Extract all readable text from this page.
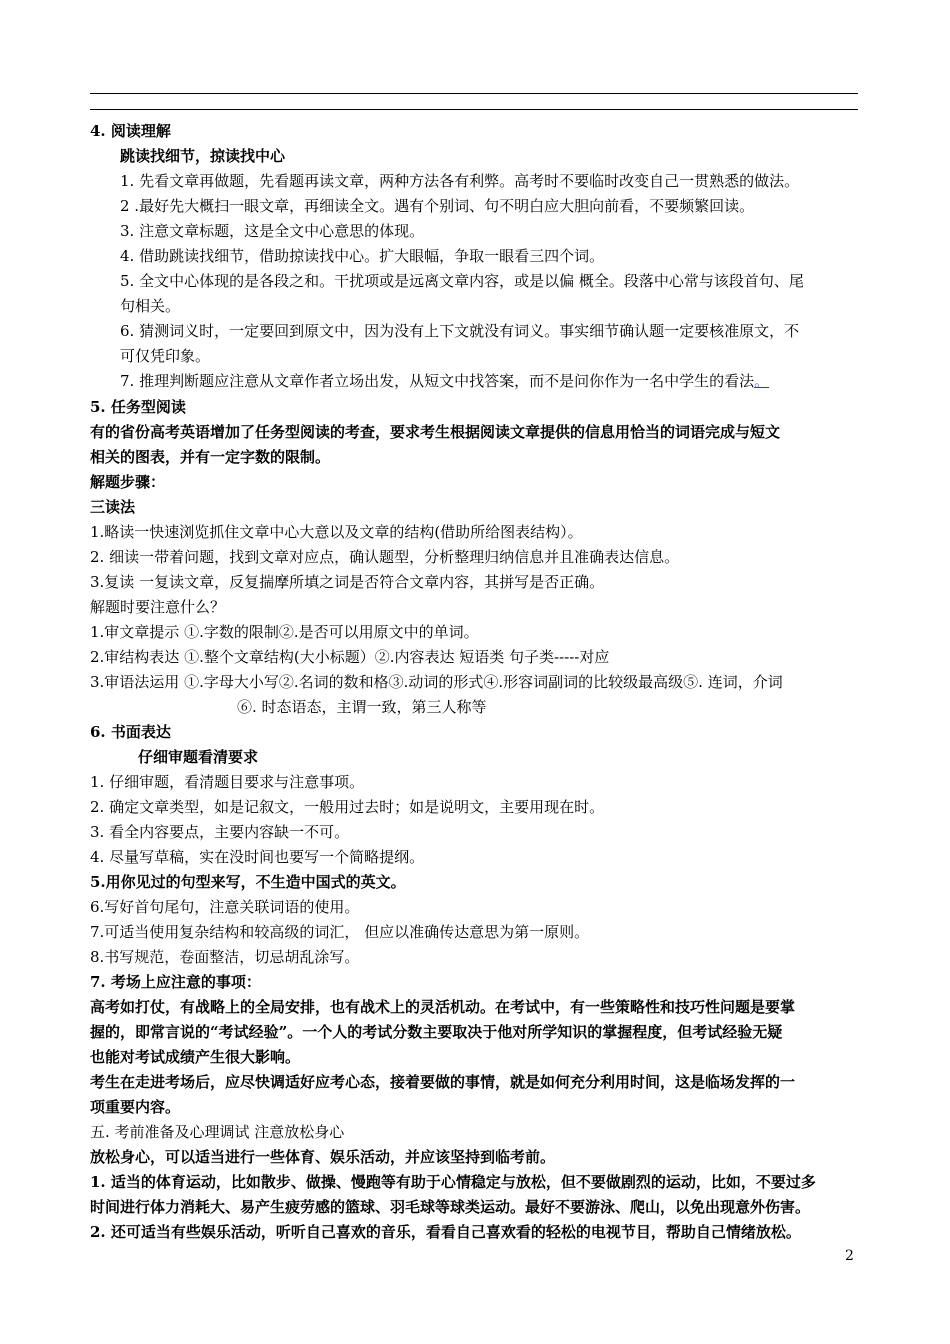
4. 阅读理解
跳读找细节，掠读找中心
1. 先看文章再做题，先看题再读文章，两种方法各有利弊。高考时不要临时改变自己一贯熟悉的做法。
2 .最好先大概扫一眼文章，再细读全文。遇有个别词、句不明白应大胆向前看，不要频繁回读。
3. 注意文章标题，这是全文中心意思的体现。
4. 借助跳读找细节，借助掠读找中心。扩大眼幅，争取一眼看三四个词。
5. 全文中心体现的是各段之和。干扰项或是远离文章内容，或是以偏 概全。段落中心常与该段首句、尾
句相关。
6. 猜测词义时，一定要回到原文中，因为没有上下文就没有词义。事实细节确认题一定要核准原文，不
可仅凭印象。
7. 推理判断题应注意从文章作者立场出发，从短文中找答案，而不是问你作为一名中学生的看法。
5. 任务型阅读
有的省份高考英语增加了任务型阅读的考查，要求考生根据阅读文章提供的信息用恰当的词语完成与短文
相关的图表，并有一定字数的限制。
解题步骤：
三读法
1.略读一快速浏览抓住文章中心大意以及文章的结构(借助所给图表结构）。
2. 细读一带着问题，找到文章对应点，确认题型，分析整理归纳信息并且准确表达信息。
3.复读 一复读文章，反复揣摩所填之词是否符合文章内容，其拼写是否正确。
解题时要注意什么？
1.审文章提示 ①.字数的限制②.是否可以用原文中的单词。
2.审结构表达 ①.整个文章结构(大小标题）②.内容表达 短语类 句子类-----对应
3.审语法运用 ①.字母大小写②.名词的数和格③.动词的形式④.形容词副词的比较级最高级⑤. 连词，介词
⑥. 时态语态，主谓一致，第三人称等
6. 书面表达
仔细审题看清要求
1. 仔细审题，看清题目要求与注意事项。
2. 确定文章类型，如是记叙文，一般用过去时；如是说明文，主要用现在时。
3. 看全内容要点，主要内容缺一不可。
4. 尽量写草稿，实在没时间也要写一个简略提纲。
5.用你见过的句型来写，不生造中国式的英文。
6.写好首句尾句，注意关联词语的使用。
7.可适当使用复杂结构和较高级的词汇， 但应以准确传达意思为第一原则。
8.书写规范，卷面整洁，切忌胡乱涂写。
7. 考场上应注意的事项：
高考如打仗，有战略上的全局安排，也有战术上的灵活机动。在考试中，有一些策略性和技巧性问题是要掌
握的，即常言说的“考试经验”。一个人的考试分数主要取决于他对所学知识的掌握程度，但考试经验无疑
也能对考试成绩产生很大影响。
考生在走进考场后，应尽快调适好应考心态，接着要做的事情，就是如何充分利用时间，这是临场发挥的一
项重要内容。
五. 考前准备及心理调试 注意放松身心
放松身心，可以适当进行一些体育、娱乐活动，并应该坚持到临考前。
1. 适当的体育运动，比如散步、做操、慢跑等有助于心情稳定与放松，但不要做剧烈的运动，比如，不要过多
时间进行体力消耗大、易产生疲劳感的篮球、羽毛球等球类运动。最好不要游泳、爬山，以免出现意外伤害。
2. 还可适当有些娱乐活动，听听自己喜欢的音乐，看看自己喜欢看的轻松的电视节目，帮助自己情绪放松。
2
